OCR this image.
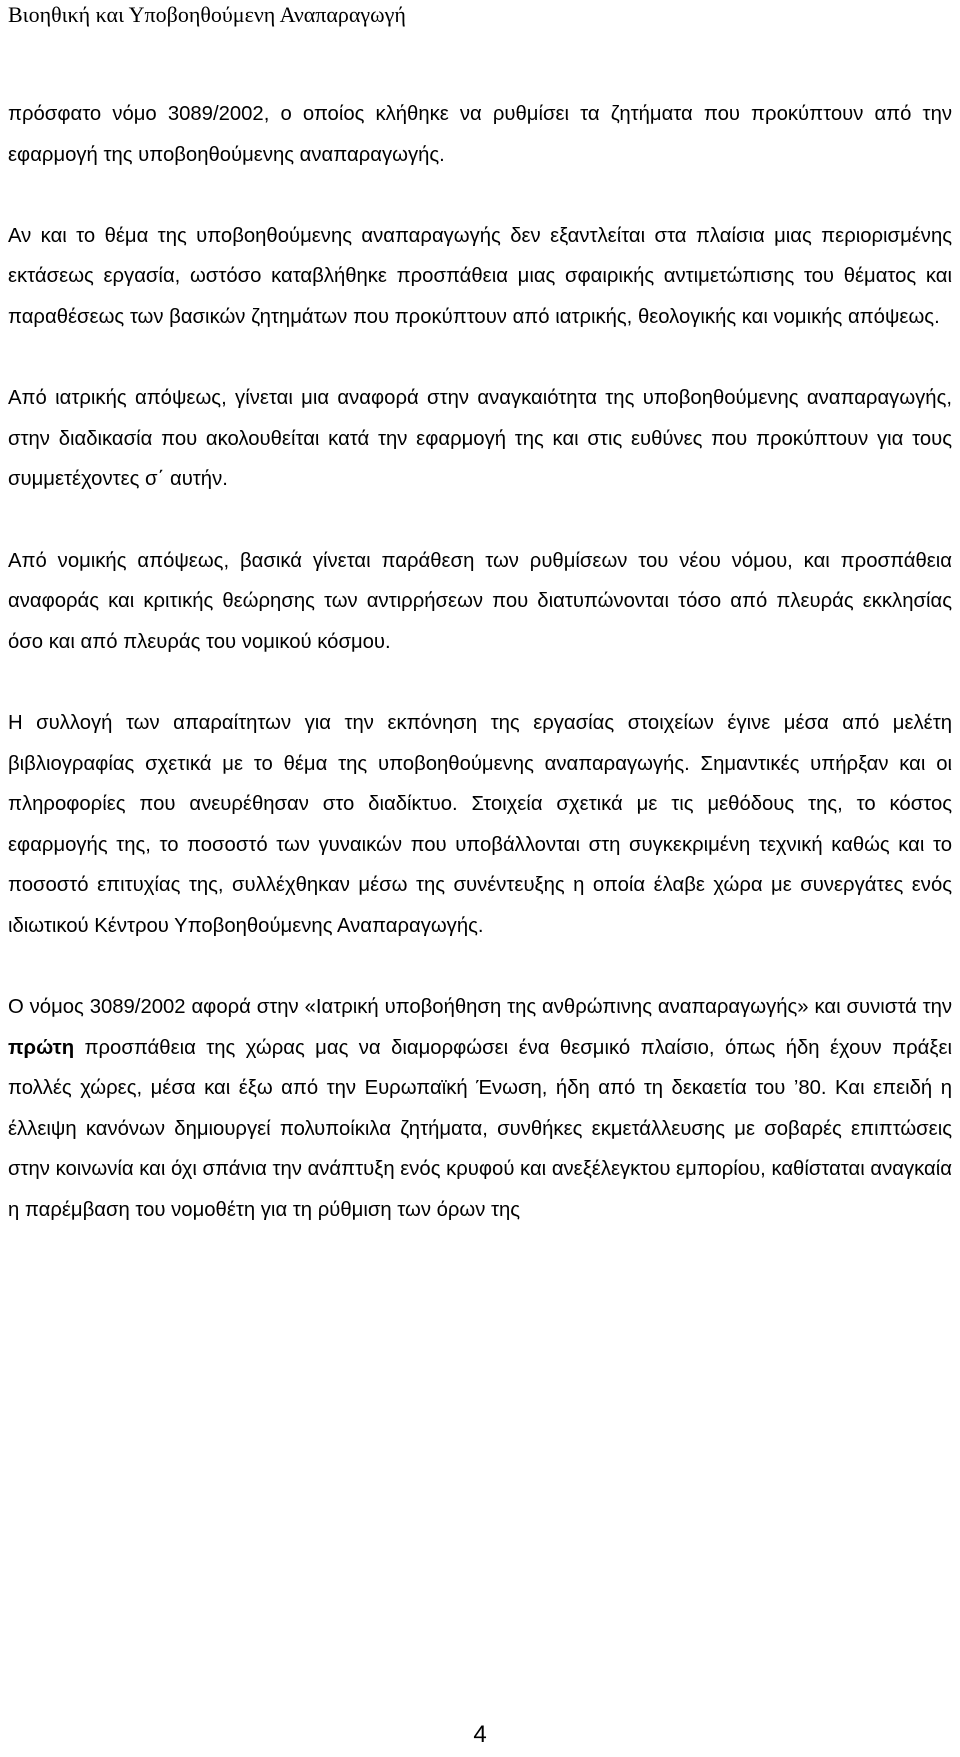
Βιοηθική και Υποβοηθούμενη Αναπαραγωγή

πρόσφατο νόμο 3089/2002, ο οποίος κλήθηκε να ρυθμίσει τα ζητήματα που προκύπτουν από την εφαρμογή της υποβοηθούμενης αναπαραγωγής.

Αν και το θέμα της υποβοηθούμενης αναπαραγωγής δεν εξαντλείται στα πλαίσια μιας περιορισμένης εκτάσεως εργασία, ωστόσο καταβλήθηκε προσπάθεια μιας σφαιρικής αντιμετώπισης του θέματος και παραθέσεως των βασικών ζητημάτων που προκύπτουν από ιατρικής, θεολογικής και νομικής απόψεως.

Από ιατρικής απόψεως, γίνεται μια αναφορά στην αναγκαιότητα της υποβοηθούμενης αναπαραγωγής, στην διαδικασία που ακολουθείται κατά την εφαρμογή της και στις ευθύνες που προκύπτουν για τους συμμετέχοντες σ΄ αυτήν.

Από νομικής απόψεως, βασικά γίνεται παράθεση των ρυθμίσεων του νέου νόμου, και προσπάθεια αναφοράς και κριτικής θεώρησης των αντιρρήσεων που διατυπώνονται τόσο από πλευράς εκκλησίας όσο και από πλευράς του νομικού κόσμου.

Η συλλογή των απαραίτητων για την εκπόνηση της εργασίας στοιχείων έγινε μέσα από μελέτη βιβλιογραφίας σχετικά με το θέμα της υποβοηθούμενης αναπαραγωγής. Σημαντικές υπήρξαν και οι πληροφορίες που ανευρέθησαν στο διαδίκτυο. Στοιχεία σχετικά με τις μεθόδους της, το κόστος εφαρμογής της, το ποσοστό των γυναικών που υποβάλλονται στη συγκεκριμένη τεχνική καθώς και το ποσοστό επιτυχίας της, συλλέχθηκαν μέσω της συνέντευξης η οποία έλαβε χώρα με συνεργάτες ενός ιδιωτικού Κέντρου Υποβοηθούμενης Αναπαραγωγής.

Ο νόμος 3089/2002 αφορά στην «Ιατρική υποβοήθηση της ανθρώπινης αναπαραγωγής» και συνιστά την πρώτη προσπάθεια της χώρας μας να διαμορφώσει ένα θεσμικό πλαίσιο, όπως ήδη έχουν πράξει πολλές χώρες, μέσα και έξω από την Ευρωπαϊκή Ένωση, ήδη από τη δεκαετία του ’80. Και επειδή η έλλειψη κανόνων δημιουργεί πολυποίκιλα ζητήματα, συνθήκες εκμετάλλευσης με σοβαρές επιπτώσεις στην κοινωνία και όχι σπάνια την ανάπτυξη ενός κρυφού και ανεξέλεγκτου εμπορίου, καθίσταται αναγκαία η παρέμβαση του νομοθέτη για τη ρύθμιση των όρων της

4
